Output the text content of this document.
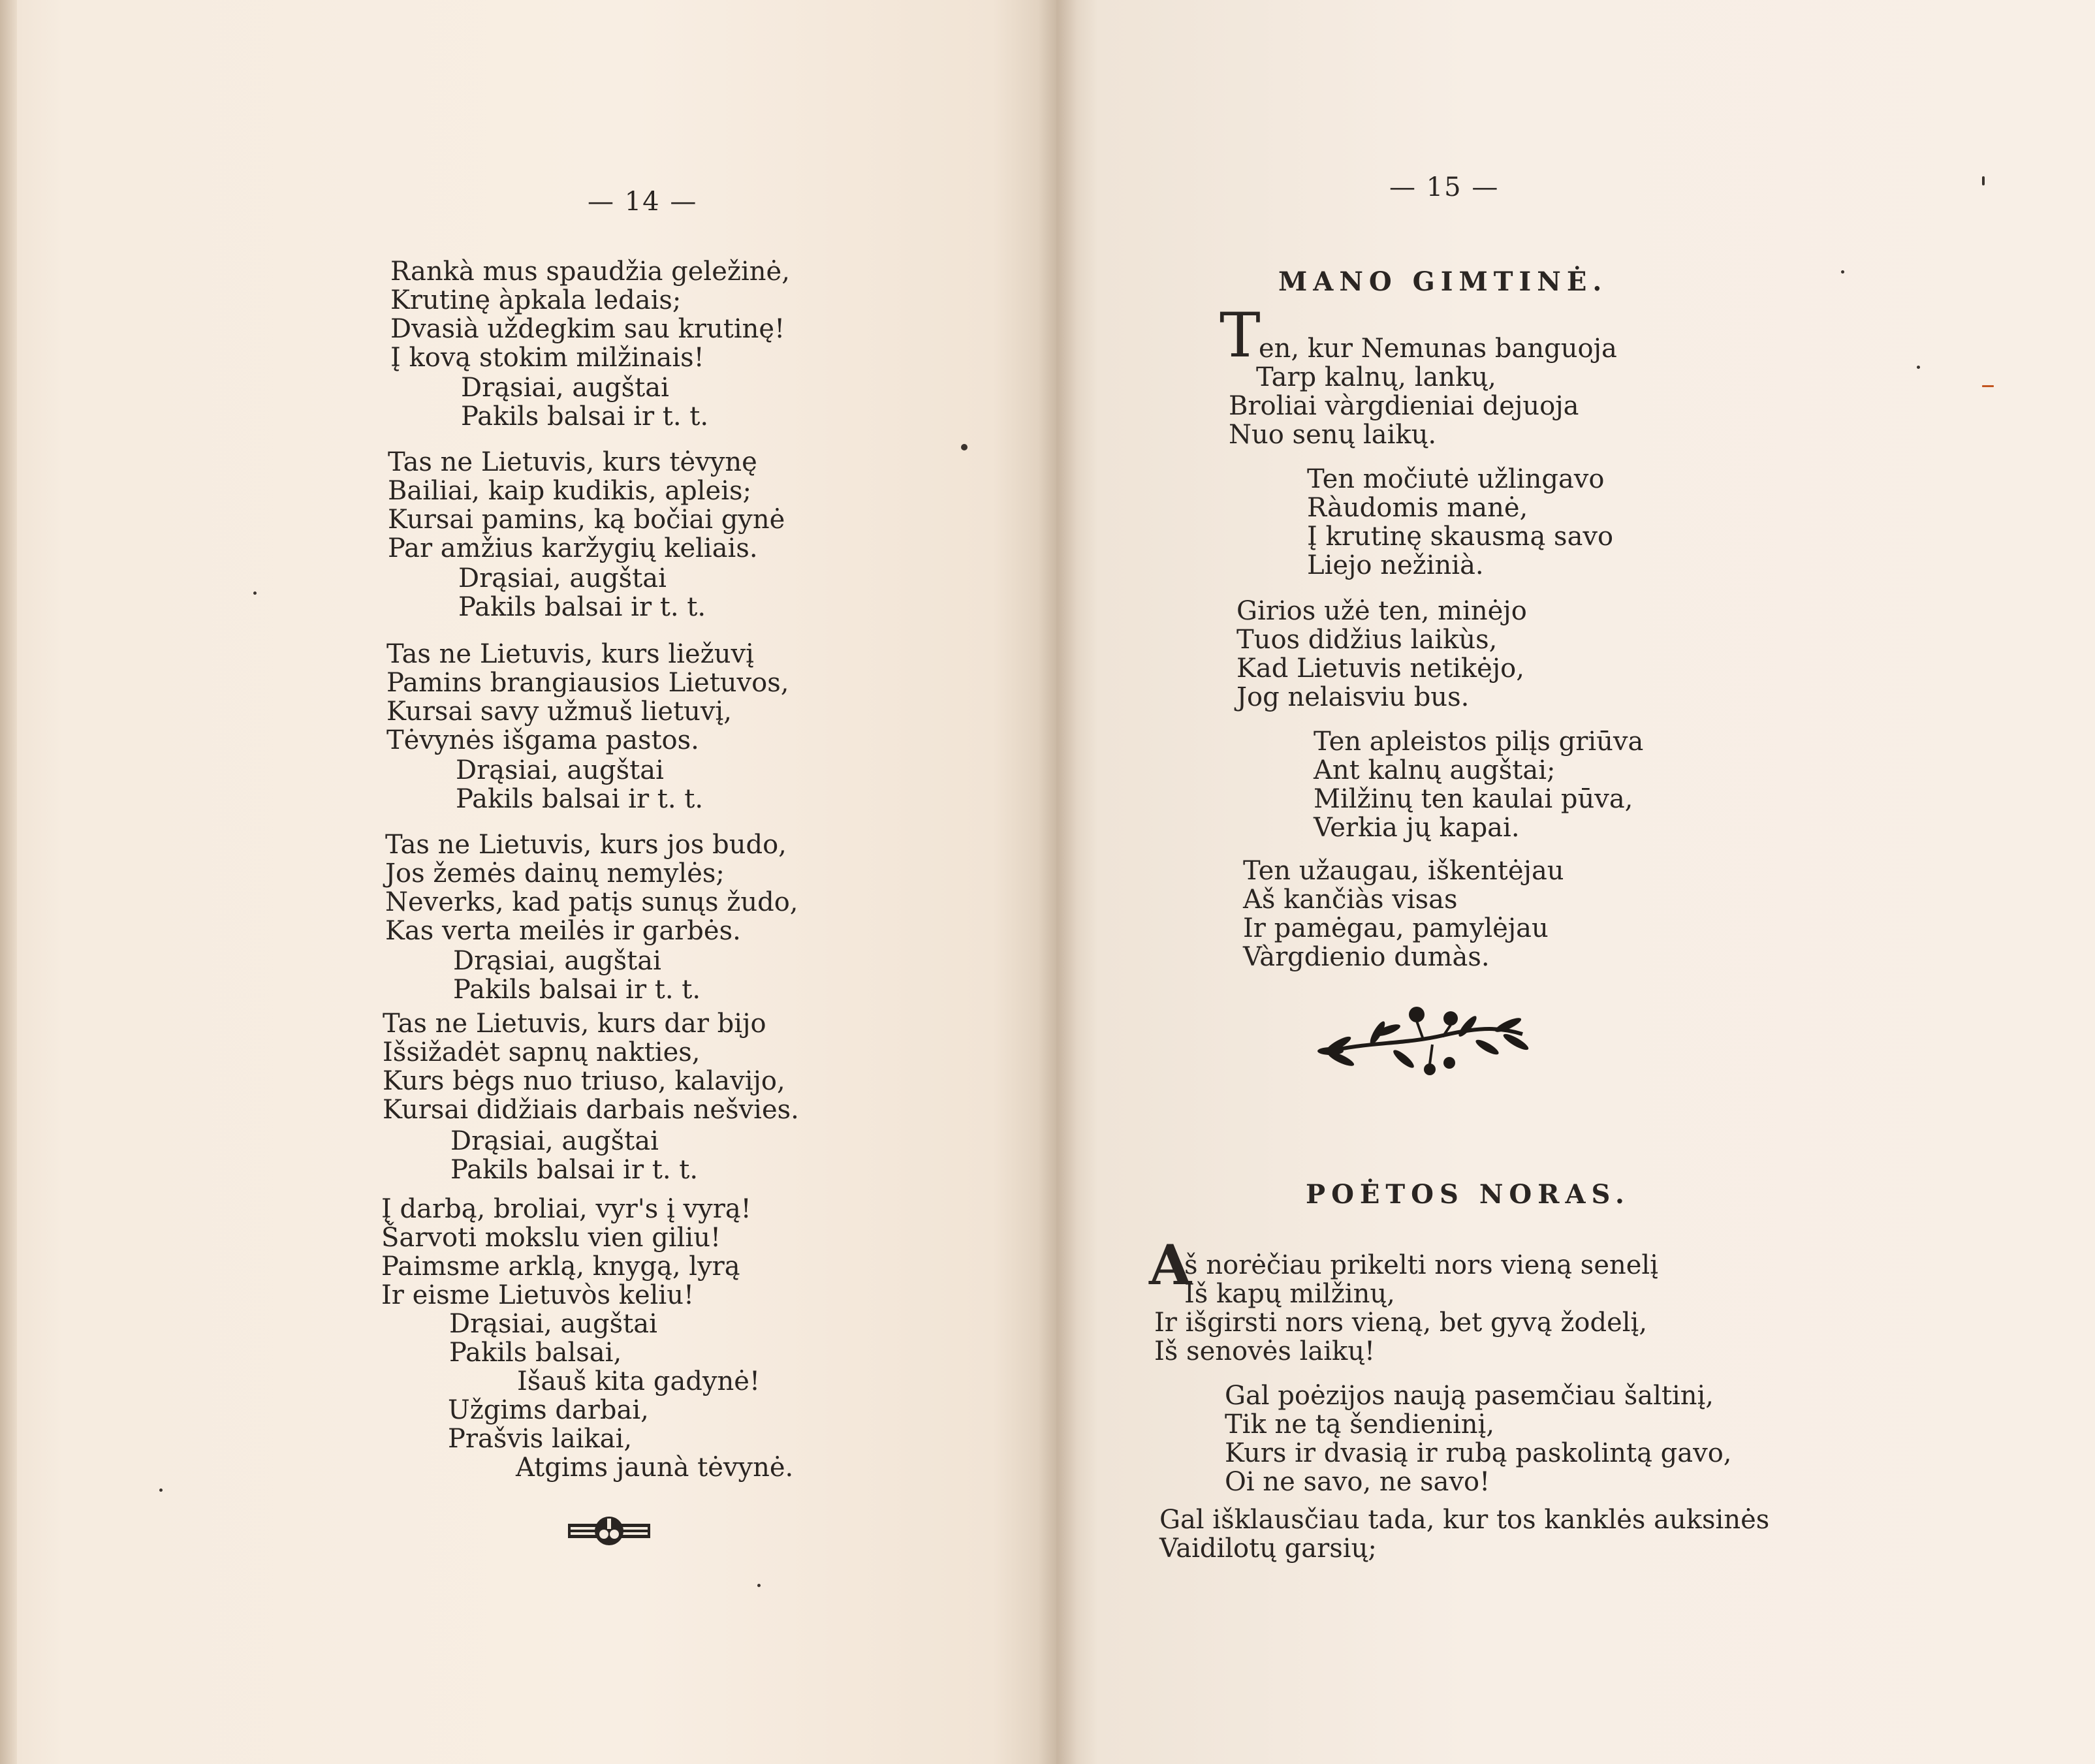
— 14 —
Rankà mus spaudžia geležinė,
Krutinę àpkala ledais;
Dvasià uždegkim sau krutinę!
Į kovą stokim milžinais!
Drąsiai, augštai
Pakils balsai ir t. t.
Tas ne Lietuvis, kurs tėvynę
Bailiai, kaip kudikis, apleis;
Kursai pamins, ką bočiai gynė
Par amžius karžygių keliais.
Drąsiai, augštai
Pakils balsai ir t. t.
Tas ne Lietuvis, kurs liežuvį
Pamins brangiausios Lietuvos,
Kursai savy užmuš lietuvį,
Tėvynės išgama pastos.
Drąsiai, augštai
Pakils balsai ir t. t.
Tas ne Lietuvis, kurs jos budo,
Jos žemės dainų nemylės;
Neverks, kad patįs sunųs žudo,
Kas verta meilės ir garbės.
Drąsiai, augštai
Pakils balsai ir t. t.
Tas ne Lietuvis, kurs dar bijo
Išsižadėt sapnų nakties,
Kurs bėgs nuo triuso, kalavijo,
Kursai didžiais darbais nešvies.
Drąsiai, augštai
Pakils balsai ir t. t.
Į darbą, broliai, vyr's į vyrą!
Šarvoti mokslu vien giliu!
Paimsme arklą, knygą, lyrą
Ir eisme Lietuvòs keliu!
Drąsiai, augštai
Pakils balsai,
Išauš kita gadynė!
Užgims darbai,
Prašvis laikai,
Atgims jaunà tėvynė.
— 15 —
MANO GIMTINĖ.
T
en, kur Nemunas banguoja
Tarp kalnų, lankų,
Broliai vàrgdieniai dejuoja
Nuo senų laikų.
Ten močiutė užlingavo
Ràudomis manė,
Į krutinę skausmą savo
Liejo nežinià.
Girios užė ten, minėjo
Tuos didžius laikùs,
Kad Lietuvis netikėjo,
Jog nelaisviu bus.
Ten apleistos pilįs griūva
Ant kalnų augštai;
Milžinų ten kaulai pūva,
Verkia jų kapai.
Ten užaugau, iškentėjau
Aš kančiàs visas
Ir pamėgau, pamylėjau
Vàrgdienio dumàs.
POĖTOS NORAS.
A
š norėčiau prikelti nors vieną senelį
Iš kapų milžinų,
Ir išgirsti nors vieną, bet gyvą žodelį,
Iš senovės laikų!
Gal poėzijos naują pasemčiau šaltinį,
Tik ne tą šendieninį,
Kurs ir dvasią ir rubą paskolintą gavo,
Oi ne savo, ne savo!
Gal išklausčiau tada, kur tos kanklės auksinės
Vaidilotų garsių;
